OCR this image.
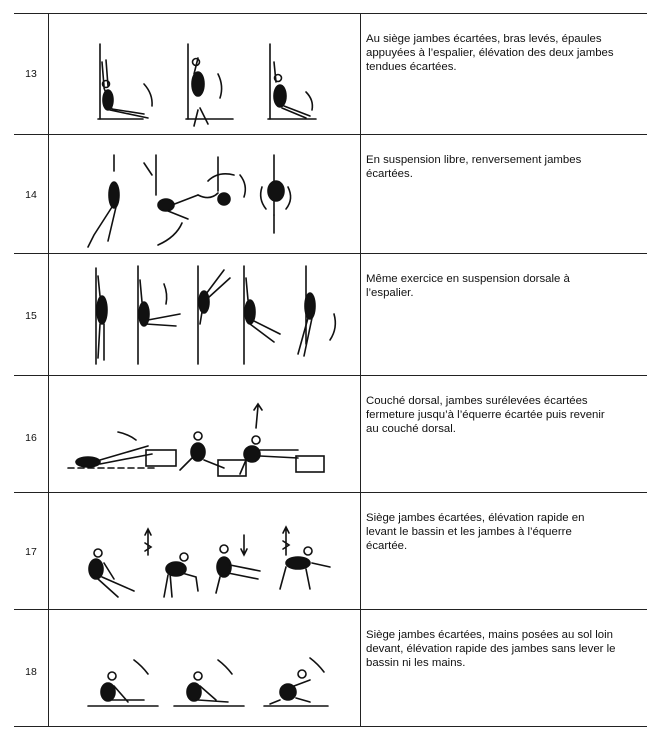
13
Au siège jambes écartées, bras levés, épaules appuyées à l’espalier, élévation des deux jambes tendues écartées.
14
En suspension libre, renversement jambes écartées.
15
Même exercice en suspension dorsale à l’espalier.
16
Couché dorsal, jambes surélevées écartées fermeture jusqu’à l’équerre écartée puis revenir au couché dorsal.
17
Siège jambes écartées, élévation rapide en levant le bassin et les jambes à l’équerre écartée.
18
Siège jambes écartées, mains posées au sol loin devant, élévation rapide des jambes sans lever le bassin ni les mains.
